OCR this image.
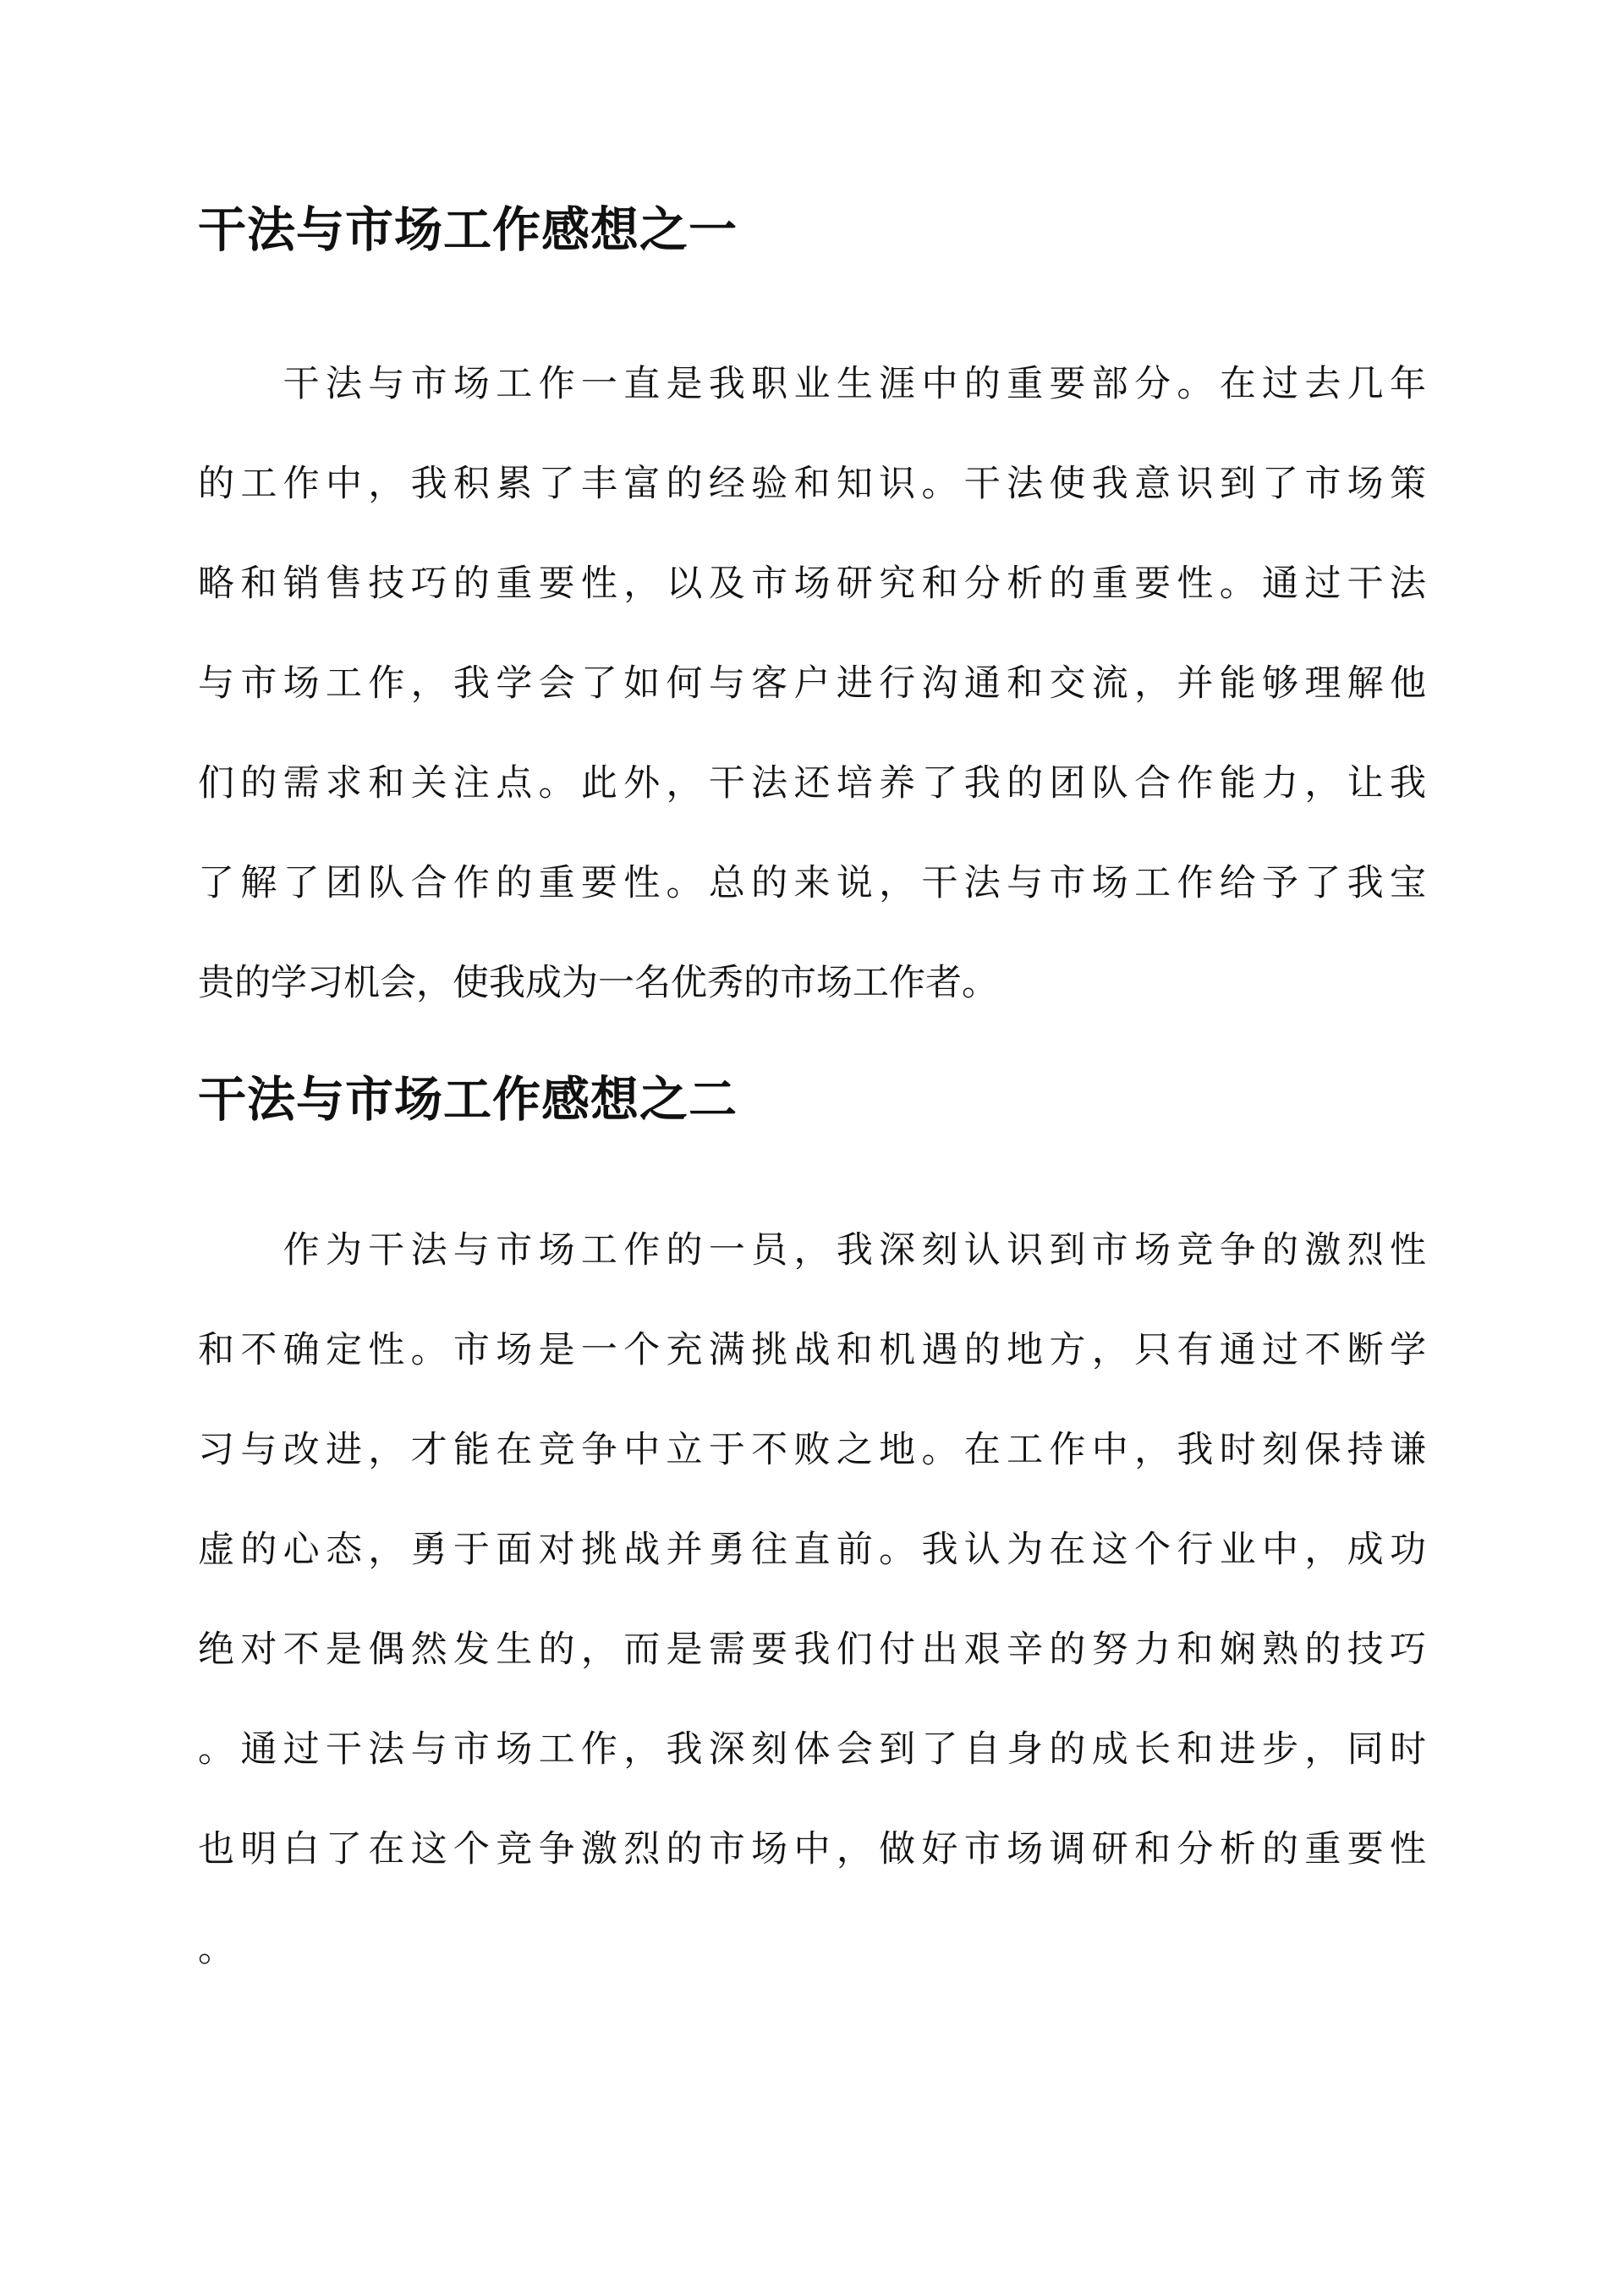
干法与市场工作感想之一
　　干法与市场工作一直是我职业生涯中的重要部分。在过去几年
的工作中，我积累了丰富的经验和知识。干法使我意识到了市场策
略和销售技巧的重要性，以及市场研究和分析的重要性。通过干法
与市场工作，我学会了如何与客户进行沟通和交流，并能够理解他
们的需求和关注点。此外，干法还培养了我的团队合作能力，让我
了解了团队合作的重要性。总的来说，干法与市场工作给予了我宝
贵的学习机会，使我成为一名优秀的市场工作者。
干法与市场工作感想之二
　　作为干法与市场工作的一员，我深刻认识到市场竞争的激烈性
和不确定性。市场是一个充满挑战和机遇的地方，只有通过不断学
习与改进，才能在竞争中立于不败之地。在工作中，我时刻保持谦
虚的心态，勇于面对挑战并勇往直前。我认为在这个行业中，成功
绝对不是偶然发生的，而是需要我们付出艰辛的努力和娴熟的技巧
。通过干法与市场工作，我深刻体会到了自身的成长和进步，同时
也明白了在这个竞争激烈的市场中，做好市场调研和分析的重要性
。
